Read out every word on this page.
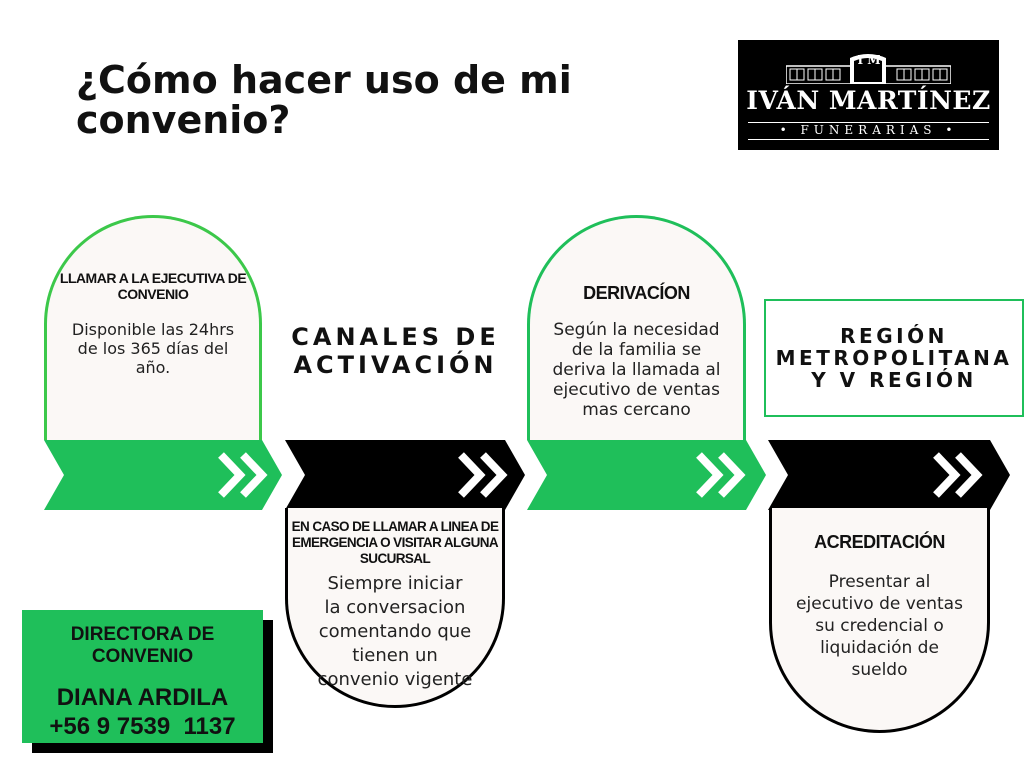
¿Cómo hacer uso de mi convenio?
I M
IVÁN MARTÍNEZ
• FUNERARIAS •
LLAMAR A LA EJECUTIVA DE CONVENIO
Disponible las 24hrs
de los 365 días del
año.
CANALES DE
ACTIVACIÓN
DERIVACÍON
Según la necesidad
de la familia se
deriva la llamada al
ejecutivo de ventas
mas cercano
REGIÓN
METROPOLITANA
Y V REGIÓN
EN CASO DE LLAMAR A LINEA DE
EMERGENCIA O VISITAR ALGUNA
SUCURSAL
Siempre iniciar
la conversacion
comentando que
tienen un
convenio vigente
ACREDITACIÓN
Presentar al
ejecutivo de ventas
su credencial o
liquidación de
sueldo
DIRECTORA DE
CONVENIO
DIANA ARDILA
+56 9 7539  1137
